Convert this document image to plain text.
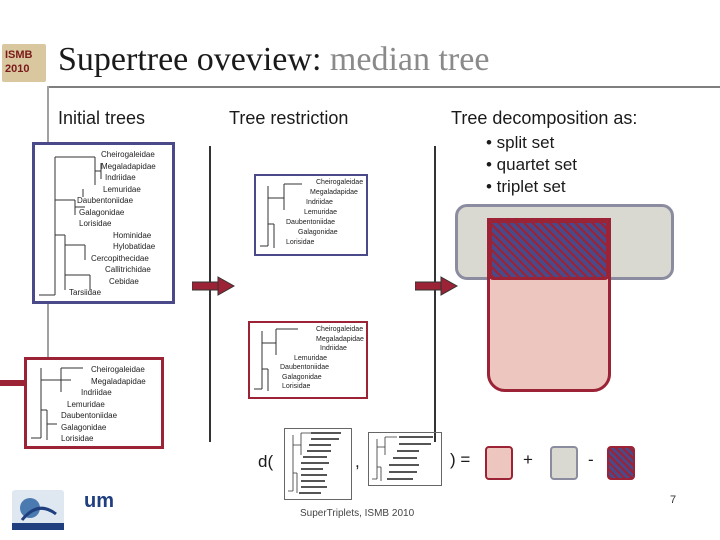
ISMB
2010 Supertree oveview: median tree
Initial trees	Tree restriction	Tree decomposition as:
• split set
• quartet set
• triplet set
Cheirogaleidae
Megaladapidae
Indriidae
Lemuridae
Daubentoniidae
Galagonidae
Lorisidae
Hominidae
Hylobatidae
Cercopithecidae
Callitrichidae
Cebidae
Tarsiidae
Cheirogaleidae
Megaladapidae
Indriidae
Lemuridae
Daubentoniidae
Galagonidae
Lorisidae
Cheirogaleidae
Megaladapidae
Indriidae
Lemuridae
Daubentoniidae
Galagonidae
Lorisidae
Cheirogaleidae
Megaladapidae
Indriidae
Lemuridae
Daubentoniidae
Galagonidae
Lorisidae
d(	,	) =	+	-
um
SuperTriplets, ISMB 2010
7
